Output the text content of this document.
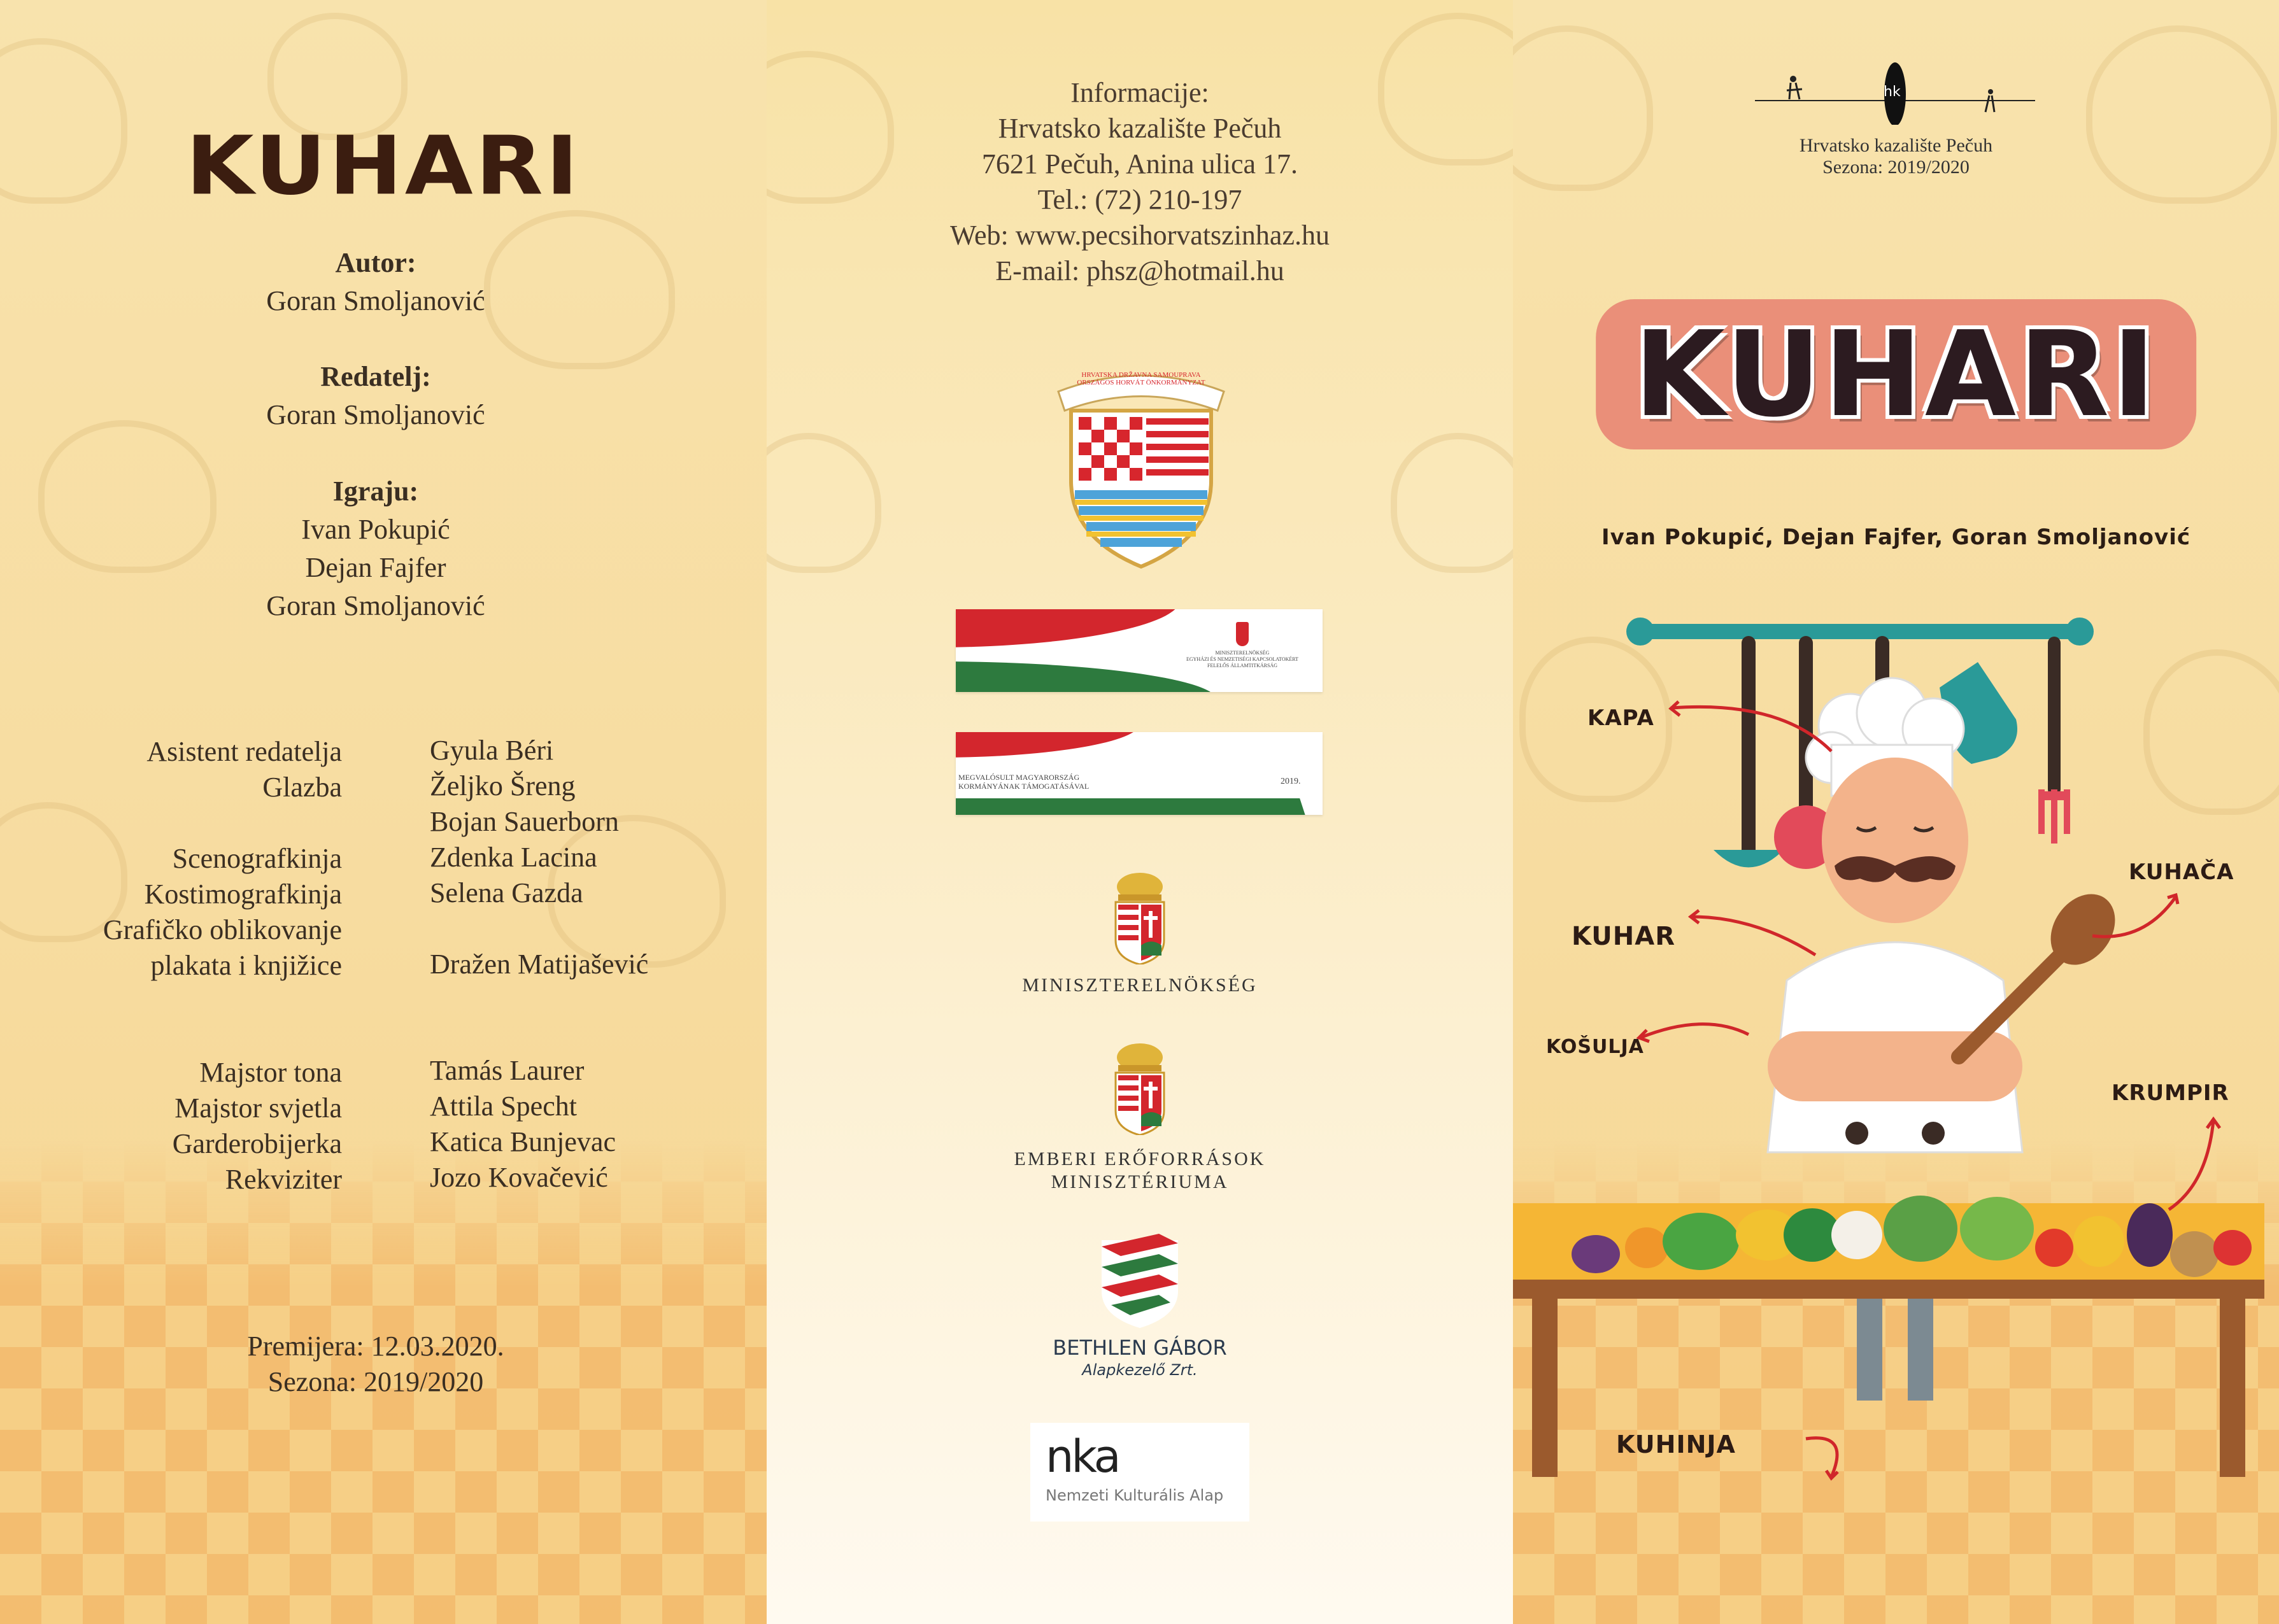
KUHARI
Autor:
Goran Smoljanović
Redatelj:
Goran Smoljanović
Igraju:
Ivan Pokupić
Dejan Fajfer
Goran Smoljanović
Asistent redatelja
Glazba
Scenografkinja
Kostimografkinja
Grafičko oblikovanje
plakata i knjižice
Gyula Béri
Željko Šreng
Bojan Sauerborn
Zdenka Lacina
Selena Gazda
Dražen Matijašević
Majstor tona
Majstor svjetla
Garderobijerka
Rekviziter
Tamás Laurer
Attila Specht
Katica Bunjevac
Jozo Kovačević
Premijera: 12.03.2020.
Sezona: 2019/2020
Informacije:
Hrvatsko kazalište Pečuh
7621 Pečuh, Anina ulica 17.
Tel.: (72) 210-197
Web: www.pecsihorvatszinhaz.hu
E-mail: phsz@hotmail.hu
HRVATSKA DRŽAVNA SAMOUPRAVA ORSZÁGOS HORVÁT ÖNKORMÁNYZAT
MINISZTERELNÖKSÉG
EGYHÁZI ÉS NEMZETISÉGI KAPCSOLATOKÉRT
FELELŐS ÁLLAMTITKÁRSÁG
MEGVALÓSULT MAGYARORSZÁG
KORMÁNYÁNAK TÁMOGATÁSÁVAL	2019.
MINISZTERELNÖKSÉG
EMBERI ERŐFORRÁSOK
MINISZTÉRIUMA
BETHLEN GÁBOR
Alapkezelő Zrt.
nka
Nemzeti Kulturális Alap
hk
Hrvatsko kazalište Pečuh
Sezona: 2019/2020
KUHARI
Ivan Pokupić, Dejan Fajfer, Goran Smoljanović
KAPA
KUHAČA
KUHAR
KOŠULJA
KRUMPIR
KUHINJA
